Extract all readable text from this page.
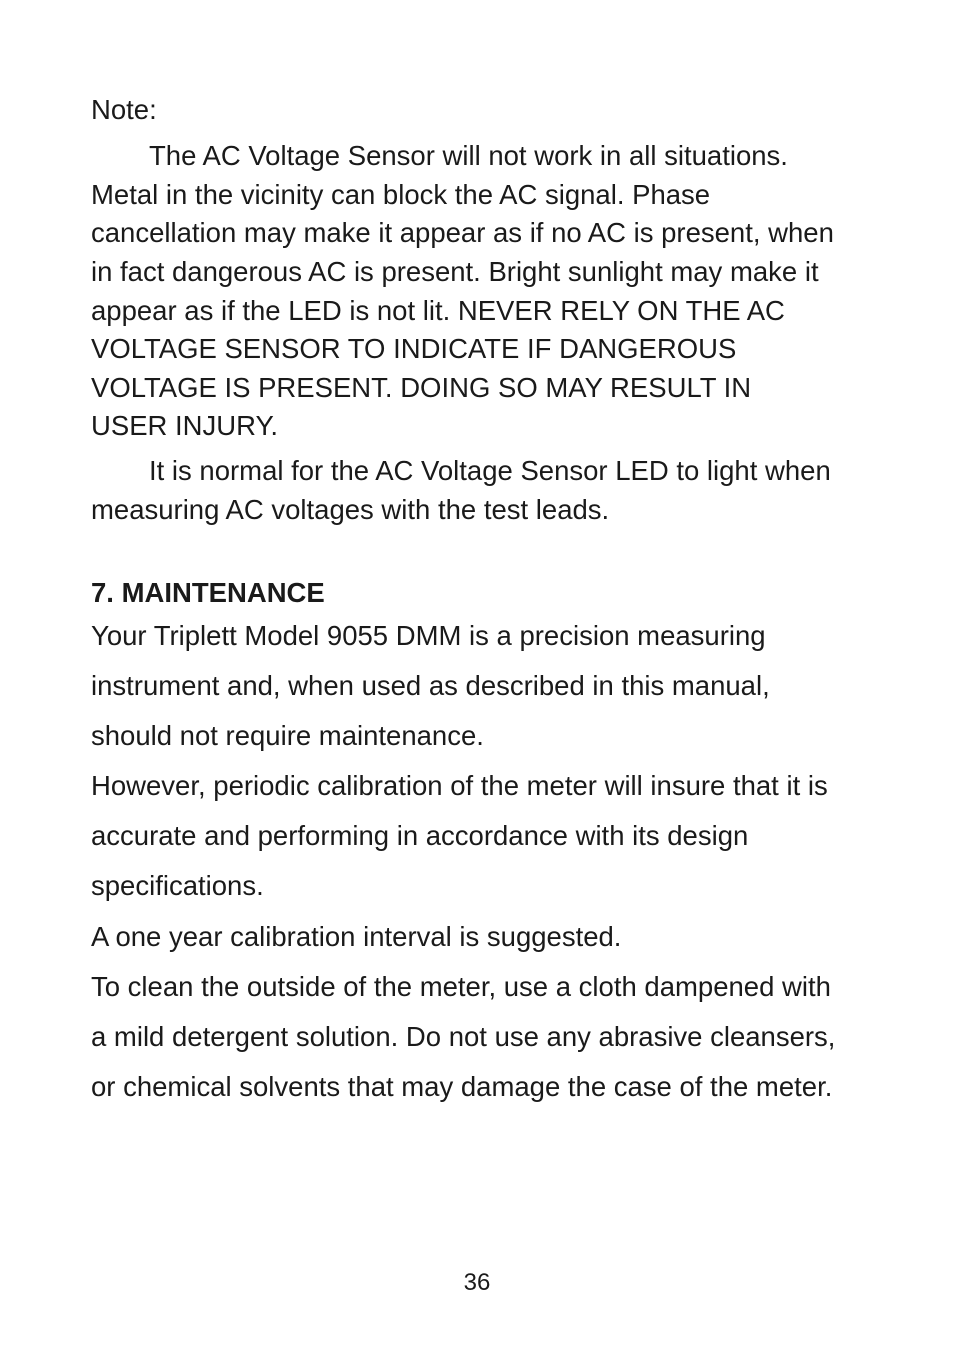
Note:
The AC Voltage Sensor will not work in all situations.
Metal in the vicinity can block the AC signal. Phase
cancellation may make it appear as if no AC is present, when
in fact dangerous AC is present. Bright sunlight may make it
appear as if the LED is not lit. NEVER RELY ON THE AC
VOLTAGE SENSOR TO INDICATE IF DANGEROUS
VOLTAGE IS PRESENT. DOING SO MAY RESULT IN
USER INJURY.
It is normal for the AC Voltage Sensor LED to light when
measuring AC voltages with the test leads.
7. MAINTENANCE
Your Triplett Model 9055 DMM is a precision measuring
instrument and, when used as described in this manual,
should not require maintenance.
However, periodic calibration of the meter will insure that it is
accurate and performing in accordance with its design
specifications.
A one year calibration interval is suggested.
To clean the outside of the meter, use a cloth dampened with
a mild detergent solution. Do not use any abrasive cleansers,
or chemical solvents that may damage the case of the meter.
36
